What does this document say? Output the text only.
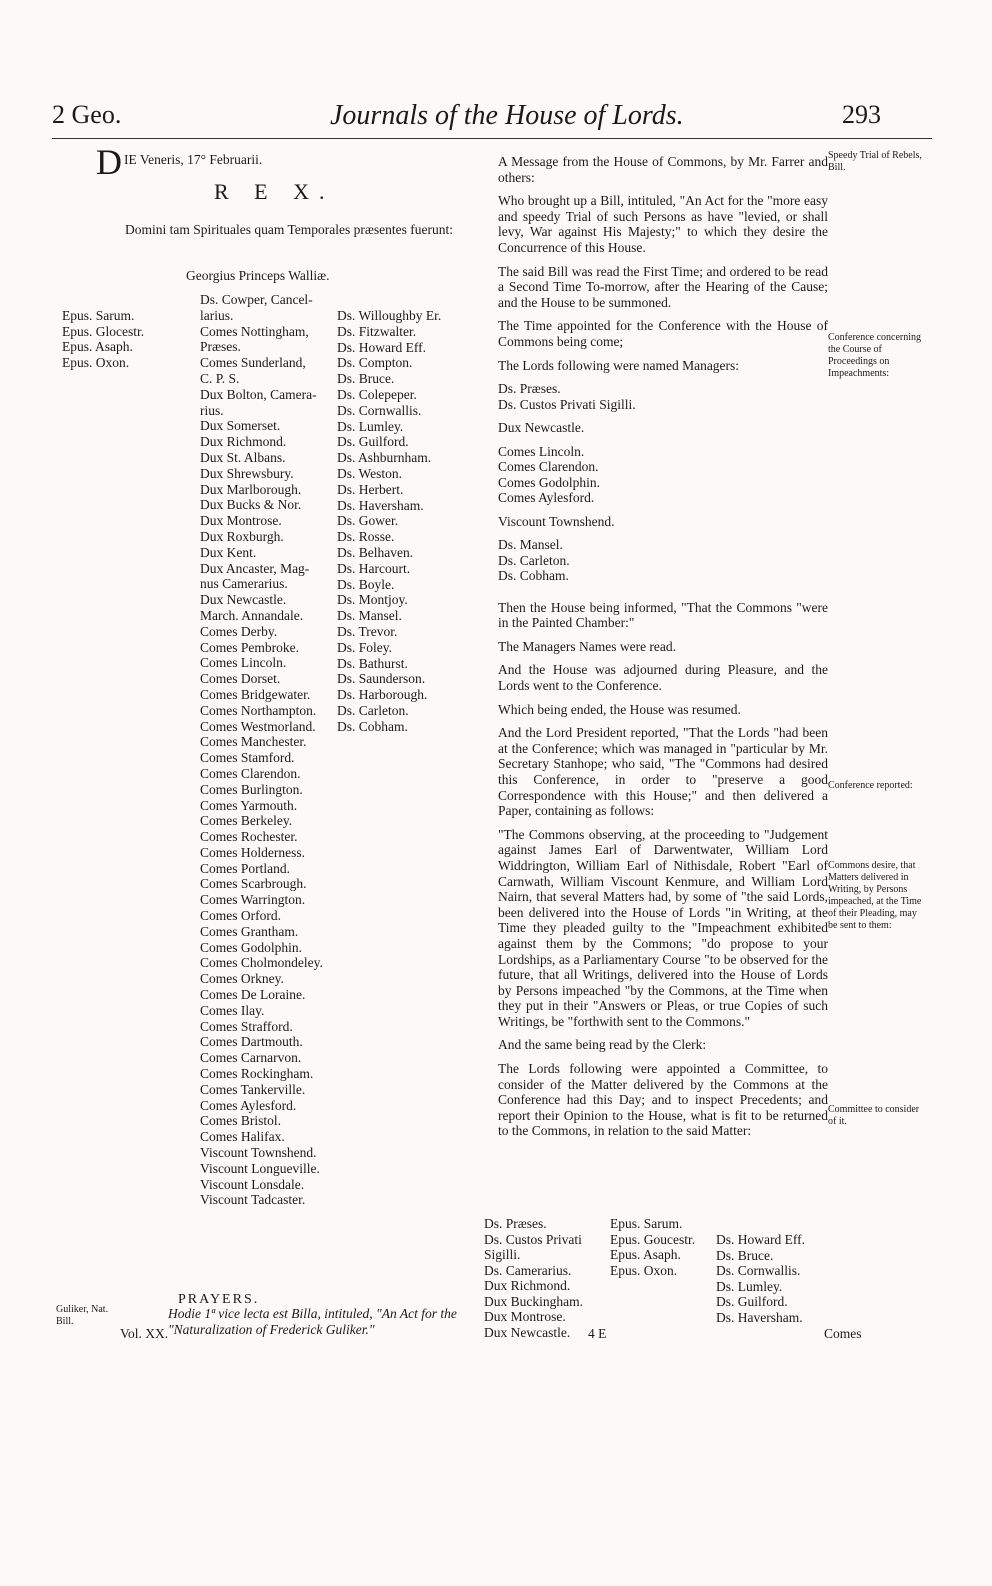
2 Geo.	Journals of the House of Lords.	293
DIE Veneris, 17° Februarii.
R E X.
Domini tam Spirituales quam Temporales præsentes fuerunt:
Georgius Princeps Walliæ.
Epus. Sarum.
Epus. Glocestr.
Epus. Asaph.
Epus. Oxon.
Ds. Cowper, Cancel-
larius.
Comes Nottingham,
Præses.
Comes Sunderland,
C. P. S.
Dux Bolton, Camera-
rius.
Dux Somerset.
Dux Richmond.
Dux St. Albans.
Dux Shrewsbury.
Dux Marlborough.
Dux Bucks & Nor.
Dux Montrose.
Dux Roxburgh.
Dux Kent.
Dux Ancaster, Mag-
nus Camerarius.
Dux Newcastle.
March. Annandale.
Comes Derby.
Comes Pembroke.
Comes Lincoln.
Comes Dorset.
Comes Bridgewater.
Comes Northampton.
Comes Westmorland.
Comes Manchester.
Comes Stamford.
Comes Clarendon.
Comes Burlington.
Comes Yarmouth.
Comes Berkeley.
Comes Rochester.
Comes Holderness.
Comes Portland.
Comes Scarbrough.
Comes Warrington.
Comes Orford.
Comes Grantham.
Comes Godolphin.
Comes Cholmondeley.
Comes Orkney.
Comes De Loraine.
Comes Ilay.
Comes Strafford.
Comes Dartmouth.
Comes Carnarvon.
Comes Rockingham.
Comes Tankerville.
Comes Aylesford.
Comes Bristol.
Comes Halifax.
Viscount Townshend.
Viscount Longueville.
Viscount Lonsdale.
Viscount Tadcaster.
Ds. Willoughby Er.
Ds. Fitzwalter.
Ds. Howard Eff.
Ds. Compton.
Ds. Bruce.
Ds. Colepeper.
Ds. Cornwallis.
Ds. Lumley.
Ds. Guilford.
Ds. Ashburnham.
Ds. Weston.
Ds. Herbert.
Ds. Haversham.
Ds. Gower.
Ds. Rosse.
Ds. Belhaven.
Ds. Harcourt.
Ds. Boyle.
Ds. Montjoy.
Ds. Mansel.
Ds. Trevor.
Ds. Foley.
Ds. Bathurst.
Ds. Saunderson.
Ds. Harborough.
Ds. Carleton.
Ds. Cobham.
PRAYERS.
Hodie 1ª vice lecta est Billa, intituled, "An Act for the "Naturalization of Frederick Guliker."
Guliker, Nat. Bill.
A Message from the House of Commons, by Mr. Farrer and others:
Who brought up a Bill, intituled, "An Act for the "more easy and speedy Trial of such Persons as have "levied, or shall levy, War against His Majesty;" to which they desire the Concurrence of this House.
The said Bill was read the First Time; and ordered to be read a Second Time To-morrow, after the Hearing of the Cause; and the House to be summoned.
The Time appointed for the Conference with the House of Commons being come;
The Lords following were named Managers:
Ds. Præses.
Ds. Custos Privati Sigilli.

Dux Newcastle.

Comes Lincoln.
Comes Clarendon.
Comes Godolphin.
Comes Aylesford.

Viscount Townshend.

Ds. Mansel.
Ds. Carleton.
Ds. Cobham.
Then the House being informed, "That the Commons "were in the Painted Chamber:"
The Managers Names were read.
And the House was adjourned during Pleasure, and the Lords went to the Conference.
Which being ended, the House was resumed.
And the Lord President reported, "That the Lords "had been at the Conference; which was managed in "particular by Mr. Secretary Stanhope; who said, "The "Commons had desired this Conference, in order to "preserve a good Correspondence with this House;" and then delivered a Paper, containing as follows:
"The Commons observing, at the proceeding to "Judgement against James Earl of Darwentwater, William Lord Widdrington, William Earl of Nithisdale, Robert "Earl of Carnwath, William Viscount Kenmure, and William Lord Nairn, that several Matters had, by some of "the said Lords, been delivered into the House of Lords "in Writing, at the Time they pleaded guilty to the "Impeachment exhibited against them by the Commons; "do propose to your Lordships, as a Parliamentary Course "to be observed for the future, that all Writings, delivered into the House of Lords by Persons impeached "by the Commons, at the Time when they put in their "Answers or Pleas, or true Copies of such Writings, be "forthwith sent to the Commons."
And the same being read by the Clerk:
The Lords following were appointed a Committee, to consider of the Matter delivered by the Commons at the Conference had this Day; and to inspect Precedents; and report their Opinion to the House, what is fit to be returned to the Commons, in relation to the said Matter:
Ds. Præses.
Ds. Custos Privati
Sigilli.
Ds. Camerarius.
Dux Richmond.
Dux Buckingham.
Dux Montrose.
Dux Newcastle.
Epus. Sarum.
Epus. Goucestr.
Epus. Asaph.
Epus. Oxon.
Ds. Howard Eff.
Ds. Bruce.
Ds. Cornwallis.
Ds. Lumley.
Ds. Guilford.
Ds. Haversham.
Speedy Trial of Rebels, Bill.
Conference concerning the Course of Proceedings on Impeachments:
Conference reported:
Commons desire, that Matters delivered in Writing, by Persons impeached, at the Time of their Pleading, may be sent to them:
Committee to consider of it.
Vol. XX.	4 E	Comes
